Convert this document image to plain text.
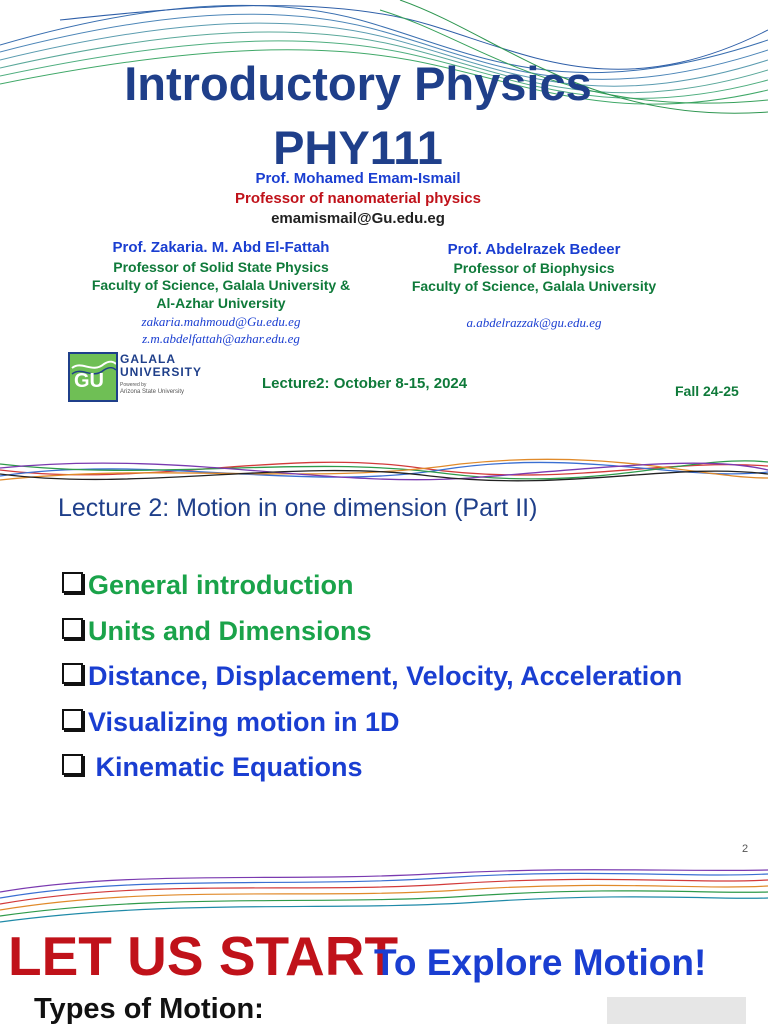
Introductory Physics
PHY111
Prof. Mohamed Emam-Ismail
Professor of nanomaterial physics
emamismail@Gu.edu.eg
Prof. Zakaria. M. Abd El-Fattah
Professor of Solid State Physics
Faculty of Science, Galala University &
Al-Azhar University
zakaria.mahmoud@Gu.edu.eg
z.m.abdelfattah@azhar.edu.eg
Prof. Abdelrazek Bedeer
Professor of Biophysics
Faculty of Science, Galala University
a.abdelrazzak@gu.edu.eg
GU
GALALA
UNIVERSITY
Powered by
Arizona State University	Lecture2: October 8-15, 2024	Fall 24-25
Lecture 2: Motion in one dimension (Part II)
General introduction
Units and Dimensions
Distance, Displacement, Velocity, Acceleration
Visualizing motion in 1D
Kinematic Equations
2
LET US START
To Explore Motion!
Types of Motion:
